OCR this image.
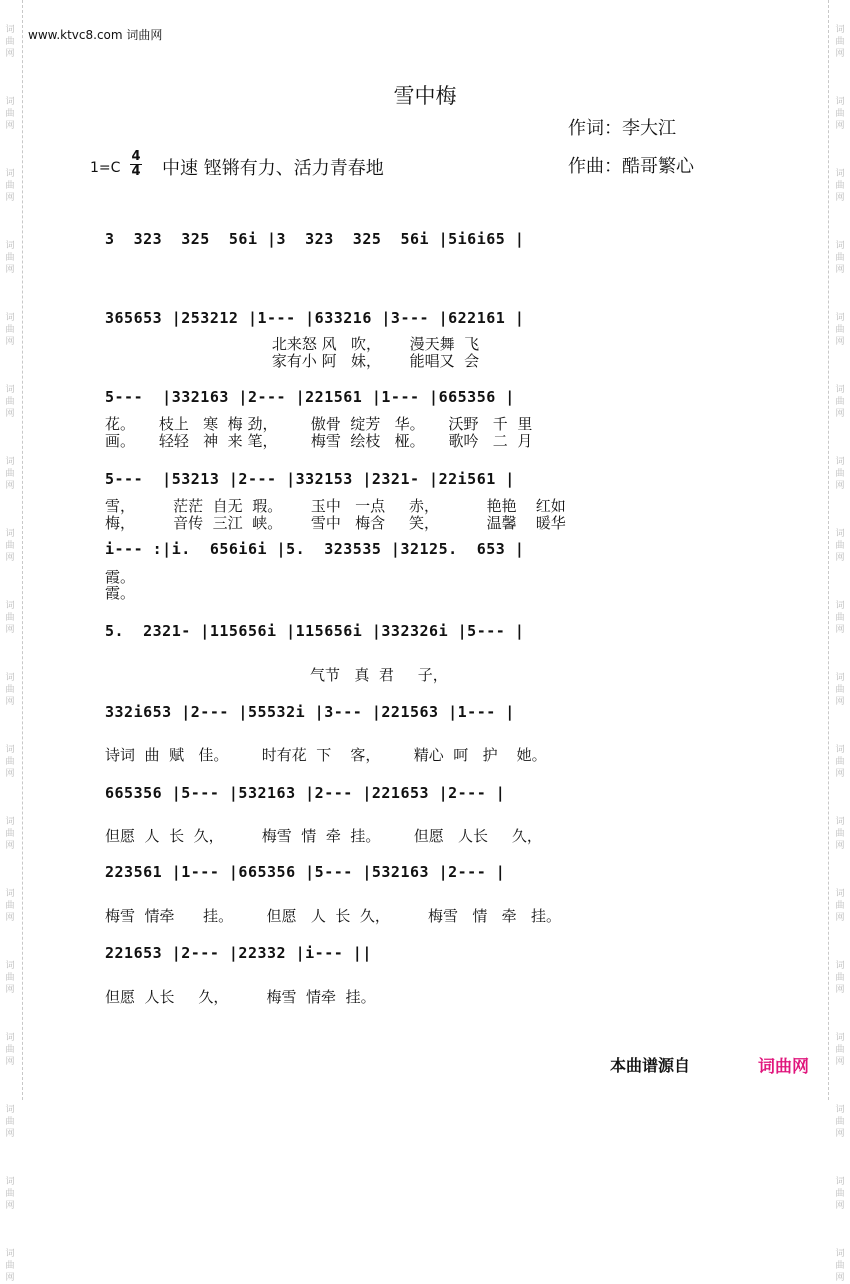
词
曲
网
词
曲
网
词
曲
网
词
曲
网
词
曲
网
词
曲
网
词
曲
网
词
曲
网
词
曲
网
词
曲
网
词
曲
网
词
曲
网
词
曲
网
词
曲
网
词
曲
网
词
曲
网
词
曲
网
词
曲
网
词
曲
网
词
曲
网
词
曲
网
词
曲
网
词
曲
网
词
曲
网
词
曲
网
词
曲
网
词
曲
网
词
曲
网
词
曲
网
词
曲
网
词
曲
网
词
曲
网
词
曲
网
词
曲
网
词
曲
网
词
曲
网
www.ktvc8.com 词曲网
雪中梅
作词：李大江
作曲：酷哥繁心
1=C
4
4 中速 铿锵有力、活力青春地
3  323  325  56i |3  323  325  56i |5i6i65 |
365653 |253212 |1--- |633216 |3--- |622161 |
北来怒 风   吹，      漫天舞  飞
家有小 阿   妹，      能唱又  会
5---  |332163 |2--- |221561 |1--- |665356 |
花。     枝上   寒  梅 劲，       傲骨  绽芳   华。     沃野   千  里
画。     轻轻   神  来 笔，       梅雪  绘枝   桠。     歌吟   二  月
5---  |53213 |2--- |332153 |2321- |22i561 |
雪，        茫茫  自无  瑕。      玉中   一点     赤，          艳艳    红如
梅，        音传  三江  峡。      雪中   梅含     笑，          温馨    暖华
i--- :|i.  656i6i |5.  323535 |32125.  653 |
霞。
霞。
5.  2321- |115656i |115656i |332326i |5--- |
气节   真  君     子，
332i653 |2--- |55532i |3--- |221563 |1--- |
诗词  曲  赋   佳。       时有花  下    客，       精心  呵   护    她。
665356 |5--- |532163 |2--- |221653 |2--- |
但愿  人  长  久，        梅雪  情  牵  挂。       但愿   人长     久，
223561 |1--- |665356 |5--- |532163 |2--- |
梅雪  情牵      挂。       但愿   人  长  久，        梅雪   情   牵   挂。
221653 |2--- |22332 |i--- ||
但愿  人长     久，        梅雪  情牵  挂。
本曲谱源自	词曲网
